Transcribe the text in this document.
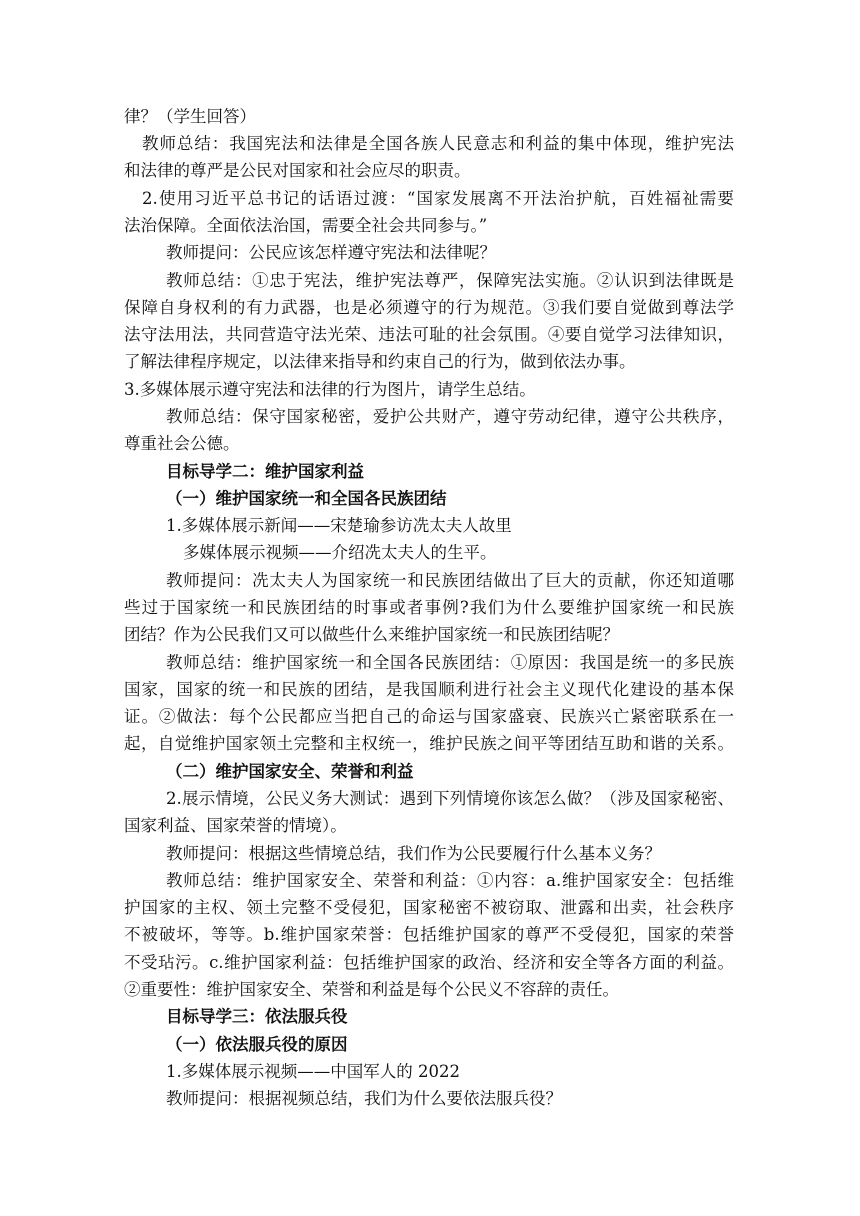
律？（学生回答）
教师总结：我国宪法和法律是全国各族人民意志和利益的集中体现，维护宪法
和法律的尊严是公民对国家和社会应尽的职责。
2.使用习近平总书记的话语过渡：“国家发展离不开法治护航，百姓福祉需要
法治保障。全面依法治国，需要全社会共同参与。”
教师提问：公民应该怎样遵守宪法和法律呢？
教师总结：①忠于宪法，维护宪法尊严，保障宪法实施。②认识到法律既是
保障自身权利的有力武器，也是必须遵守的行为规范。③我们要自觉做到尊法学
法守法用法，共同营造守法光荣、违法可耻的社会氛围。④要自觉学习法律知识，
了解法律程序规定，以法律来指导和约束自己的行为，做到依法办事。
3.多媒体展示遵守宪法和法律的行为图片，请学生总结。
教师总结：保守国家秘密，爱护公共财产，遵守劳动纪律，遵守公共秩序，
尊重社会公德。
目标导学二：维护国家利益
（一）维护国家统一和全国各民族团结
1.多媒体展示新闻——宋楚瑜参访冼太夫人故里
多媒体展示视频——介绍冼太夫人的生平。
教师提问：冼太夫人为国家统一和民族团结做出了巨大的贡献，你还知道哪
些过于国家统一和民族团结的时事或者事例?我们为什么要维护国家统一和民族
团结？作为公民我们又可以做些什么来维护国家统一和民族团结呢？
教师总结：维护国家统一和全国各民族团结：①原因：我国是统一的多民族
国家，国家的统一和民族的团结，是我国顺利进行社会主义现代化建设的基本保
证。②做法：每个公民都应当把自己的命运与国家盛衰、民族兴亡紧密联系在一
起，自觉维护国家领土完整和主权统一，维护民族之间平等团结互助和谐的关系。
（二）维护国家安全、荣誉和利益
2.展示情境，公民义务大测试：遇到下列情境你该怎么做？（涉及国家秘密、
国家利益、国家荣誉的情境）。
教师提问：根据这些情境总结，我们作为公民要履行什么基本义务？
教师总结：维护国家安全、荣誉和利益：①内容：a.维护国家安全：包括维
护国家的主权、领土完整不受侵犯，国家秘密不被窃取、泄露和出卖，社会秩序
不被破坏，等等。b.维护国家荣誉：包括维护国家的尊严不受侵犯，国家的荣誉
不受玷污。c.维护国家利益：包括维护国家的政治、经济和安全等各方面的利益。
②重要性：维护国家安全、荣誉和利益是每个公民义不容辞的责任。
目标导学三：依法服兵役
（一）依法服兵役的原因
1.多媒体展示视频——中国军人的 2022
教师提问：根据视频总结，我们为什么要依法服兵役？
